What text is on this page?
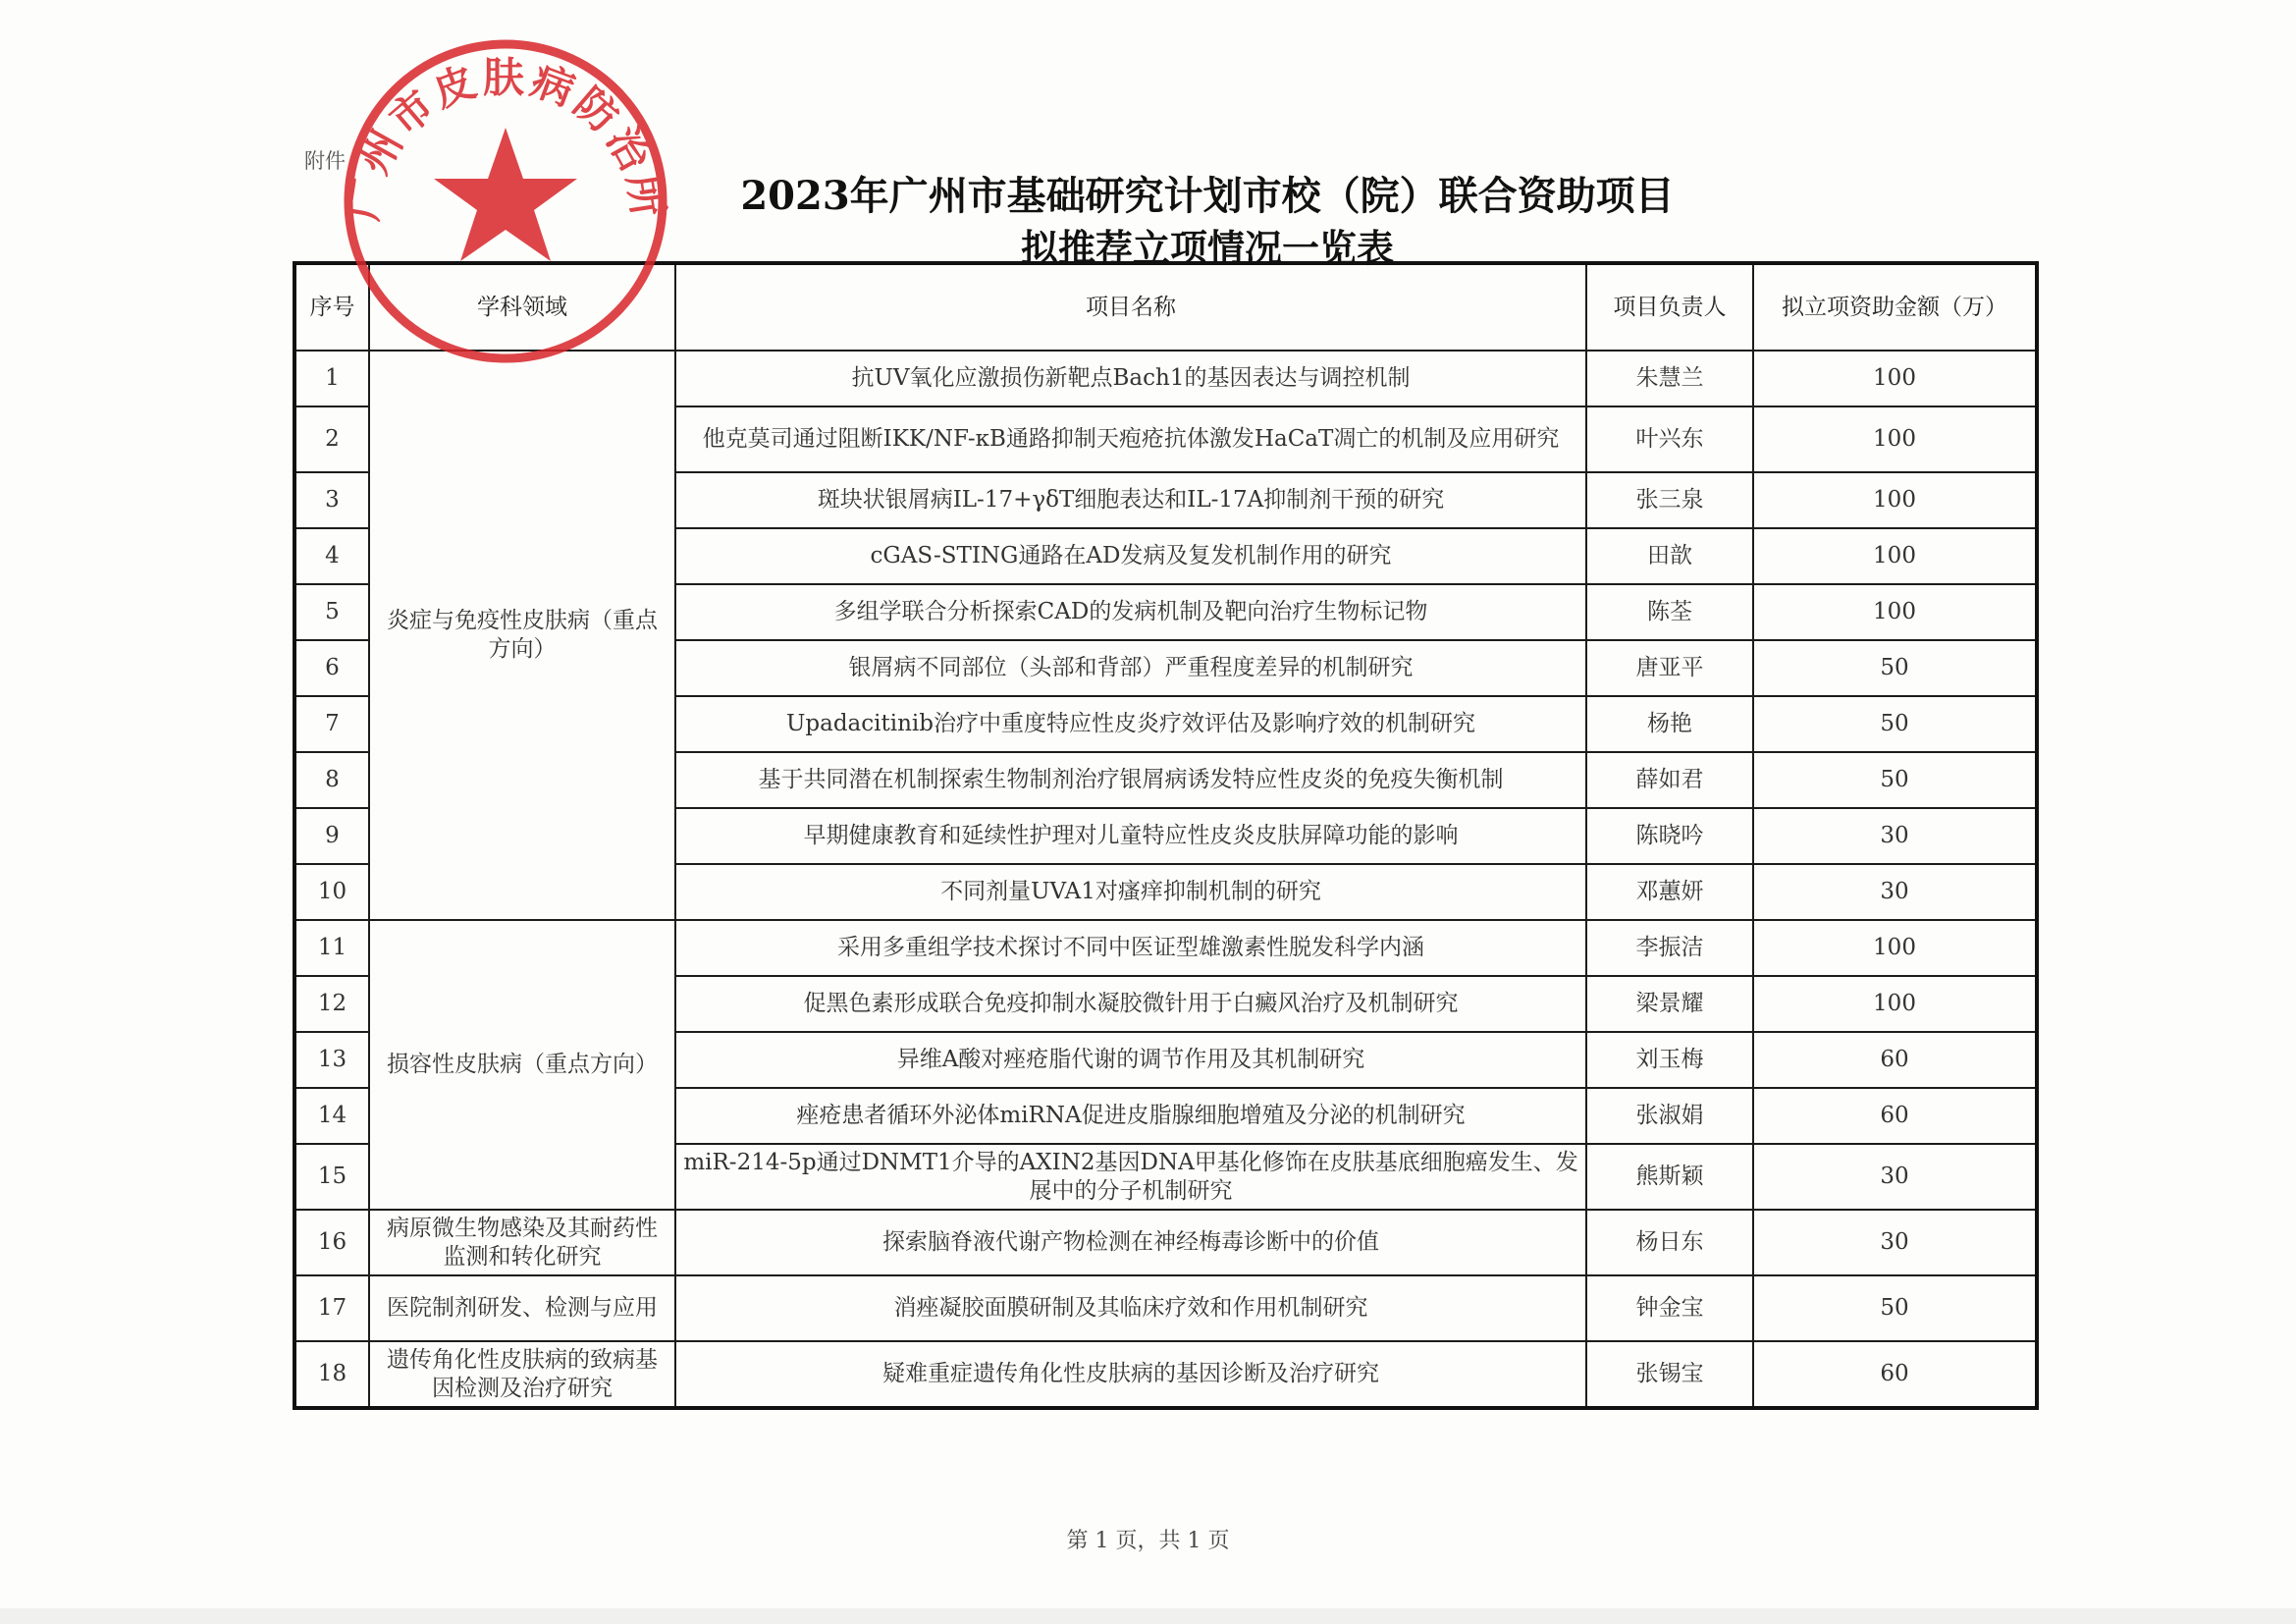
附件
2023年广州市基础研究计划市校（院）联合资助项目
拟推荐立项情况一览表
序号	学科领域	项目名称	项目负责人	拟立项资助金额（万）
1	炎症与免疫性皮肤病（重点方向）	抗UV氧化应激损伤新靶点Bach1的基因表达与调控机制	朱慧兰	100
2		他克莫司通过阻断IKK/NF-κB通路抑制天疱疮抗体激发HaCaT凋亡的机制及应用研究	叶兴东	100
3		斑块状银屑病IL-17+γδT细胞表达和IL-17A抑制剂干预的研究	张三泉	100
4		cGAS-STING通路在AD发病及复发机制作用的研究	田歆	100
5		多组学联合分析探索CAD的发病机制及靶向治疗生物标记物	陈荃	100
6		银屑病不同部位（头部和背部）严重程度差异的机制研究	唐亚平	50
7		Upadacitinib治疗中重度特应性皮炎疗效评估及影响疗效的机制研究	杨艳	50
8		基于共同潜在机制探索生物制剂治疗银屑病诱发特应性皮炎的免疫失衡机制	薛如君	50
9		早期健康教育和延续性护理对儿童特应性皮炎皮肤屏障功能的影响	陈晓吟	30
10		不同剂量UVA1对瘙痒抑制机制的研究	邓蕙妍	30
11	损容性皮肤病（重点方向）	采用多重组学技术探讨不同中医证型雄激素性脱发科学内涵	李振洁	100
12		促黑色素形成联合免疫抑制水凝胶微针用于白癜风治疗及机制研究	梁景耀	100
13		异维A酸对痤疮脂代谢的调节作用及其机制研究	刘玉梅	60
14		痤疮患者循环外泌体miRNA促进皮脂腺细胞增殖及分泌的机制研究	张淑娟	60
15		miR-214-5p通过DNMT1介导的AXIN2基因DNA甲基化修饰在皮肤基底细胞癌发生、发展中的分子机制研究	熊斯颖	30
16	病原微生物感染及其耐药性监测和转化研究	探索脑脊液代谢产物检测在神经梅毒诊断中的价值	杨日东	30
17	医院制剂研发、检测与应用	消痤凝胶面膜研制及其临床疗效和作用机制研究	钟金宝	50
18	遗传角化性皮肤病的致病基因检测及治疗研究	疑难重症遗传角化性皮肤病的基因诊断及治疗研究	张锡宝	60
广州市皮肤病防治所
第 1 页，共 1 页
